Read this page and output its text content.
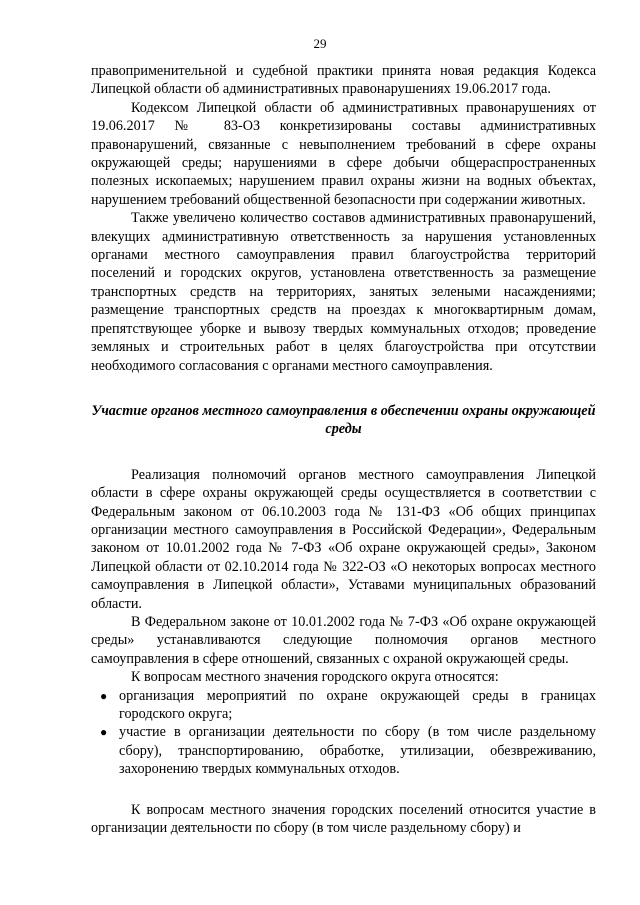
29

правоприменительной и судебной практики принята новая редакция Кодекса Липецкой области об административных правонарушениях 19.06.2017 года.

Кодексом Липецкой области об административных правонарушениях от 19.06.2017 № 83-ОЗ конкретизированы составы административных правонарушений, связанные с невыполнением требований в сфере охраны окружающей среды; нарушениями в сфере добычи общераспространенных полезных ископаемых; нарушением правил охраны жизни на водных объектах, нарушением требований общественной безопасности при содержании животных.

Также увеличено количество составов административных правонарушений, влекущих административную ответственность за нарушения установленных органами местного самоуправления правил благоустройства территорий поселений и городских округов, установлена ответственность за размещение транспортных средств на территориях, занятых зелеными насаждениями; размещение транспортных средств на проездах к многоквартирным домам, препятствующее уборке и вывозу твердых коммунальных отходов; проведение земляных и строительных работ в целях благоустройства при отсутствии необходимого согласования с органами местного самоуправления.

Участие органов местного самоуправления в обеспечении охраны окружающей среды

Реализация полномочий органов местного самоуправления Липецкой области в сфере охраны окружающей среды осуществляется в соответствии с Федеральным законом от 06.10.2003 года № 131-ФЗ «Об общих принципах организации местного самоуправления в Российской Федерации», Федеральным законом от 10.01.2002 года № 7-ФЗ «Об охране окружающей среды», Законом Липецкой области от 02.10.2014 года № 322-ОЗ «О некоторых вопросах местного самоуправления в Липецкой области», Уставами муниципальных образований области.

В Федеральном законе от 10.01.2002 года № 7-ФЗ «Об охране окружающей среды» устанавливаются следующие полномочия органов местного самоуправления в сфере отношений, связанных с охраной окружающей среды.

К вопросам местного значения городского округа относятся:

● организация мероприятий по охране окружающей среды в границах городского округа;
● участие в организации деятельности по сбору (в том числе раздельному сбору), транспортированию, обработке, утилизации, обезвреживанию, захоронению твердых коммунальных отходов.

К вопросам местного значения городских поселений относится участие в организации деятельности по сбору (в том числе раздельному сбору) и
